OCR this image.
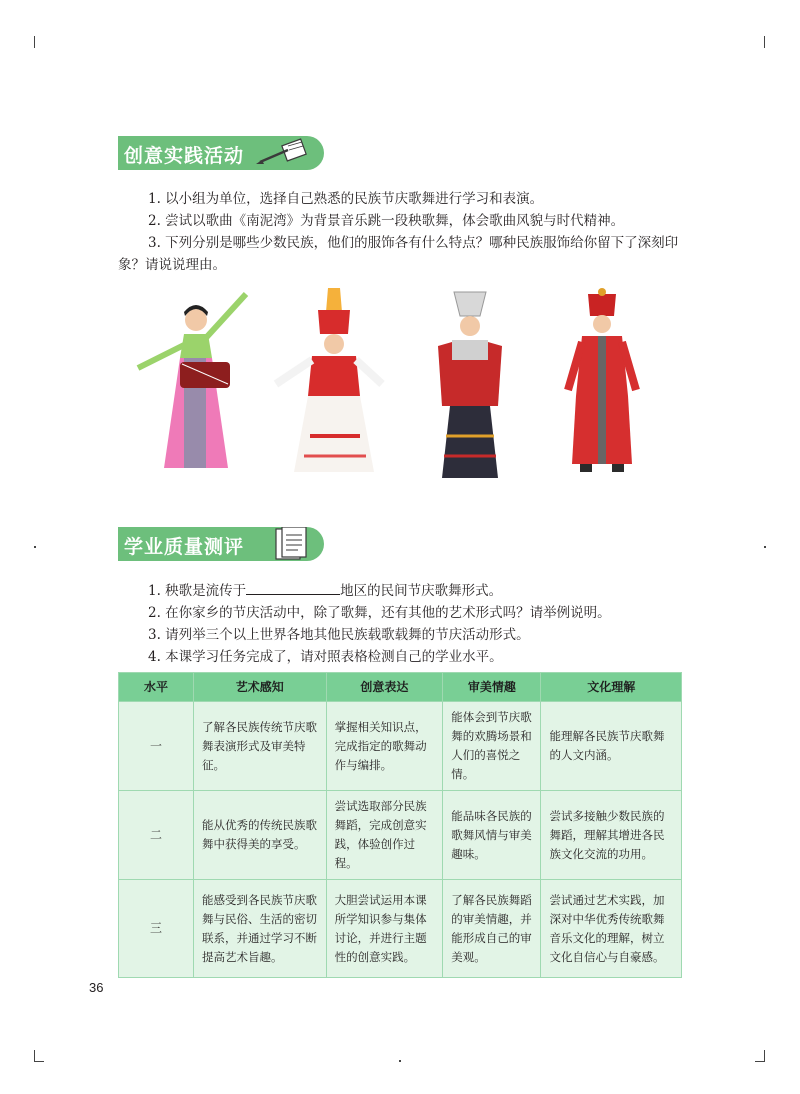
创意实践活动
1. 以小组为单位，选择自己熟悉的民族节庆歌舞进行学习和表演。
2. 尝试以歌曲《南泥湾》为背景音乐跳一段秧歌舞，体会歌曲风貌与时代精神。
3. 下列分别是哪些少数民族，他们的服饰各有什么特点？哪种民族服饰给你留下了深刻印象？请说说理由。
学业质量测评
1. 秧歌是流传于	地区的民间节庆歌舞形式。
2. 在你家乡的节庆活动中，除了歌舞，还有其他的艺术形式吗？请举例说明。
3. 请列举三个以上世界各地其他民族载歌载舞的节庆活动形式。
4. 本课学习任务完成了，请对照表格检测自己的学业水平。
水平	艺术感知	创意表达	审美情趣	文化理解
一	了解各民族传统节庆歌舞表演形式及审美特征。	掌握相关知识点，完成指定的歌舞动作与编排。	能体会到节庆歌舞的欢腾场景和人们的喜悦之情。	能理解各民族节庆歌舞的人文内涵。
二	能从优秀的传统民族歌舞中获得美的享受。	尝试选取部分民族舞蹈，完成创意实践，体验创作过程。	能品味各民族的歌舞风情与审美趣味。	尝试多接触少数民族的舞蹈，理解其增进各民族文化交流的功用。
三	能感受到各民族节庆歌舞与民俗、生活的密切联系，并通过学习不断提高艺术旨趣。	大胆尝试运用本课所学知识参与集体讨论，并进行主题性的创意实践。	了解各民族舞蹈的审美情趣，并能形成自己的审美观。	尝试通过艺术实践，加深对中华优秀传统歌舞音乐文化的理解，树立文化自信心与自豪感。
36
